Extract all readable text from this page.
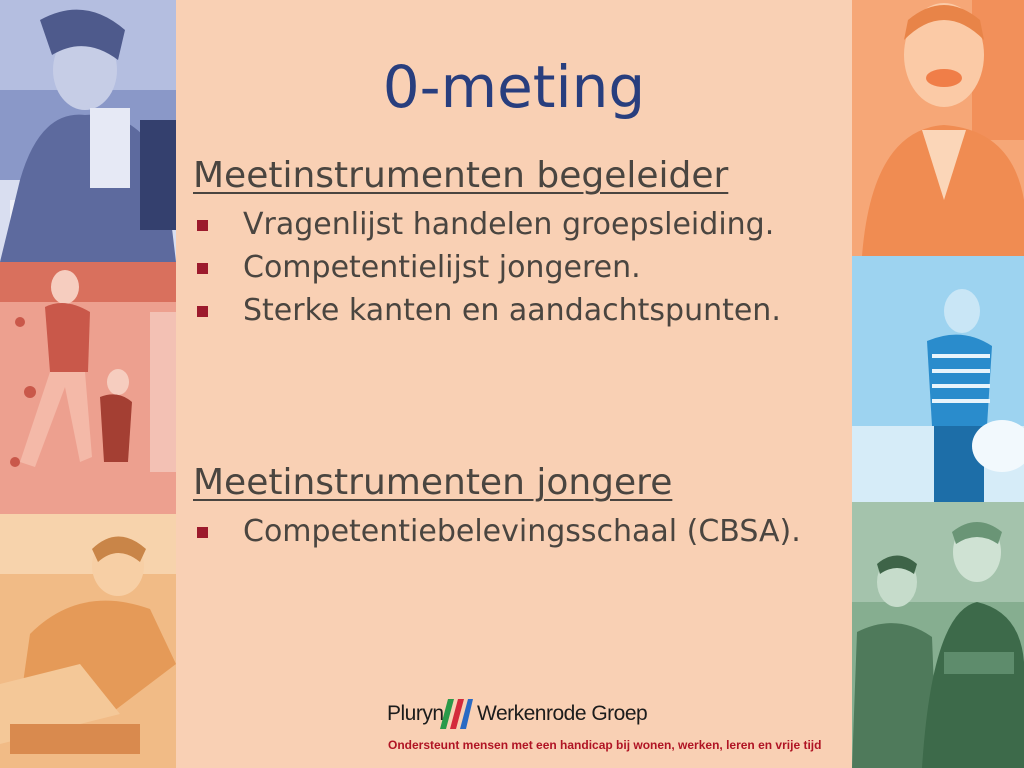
0-meting
Meetinstrumenten begeleider
Vragenlijst handelen groepsleiding.
Competentielijst jongeren.
Sterke kanten en aandachtspunten.
Meetinstrumenten jongere
Competentiebelevingsschaal (CBSA).
Pluryn Werkenrode Groep
Ondersteunt mensen met een handicap bij wonen, werken, leren en vrije tijd
